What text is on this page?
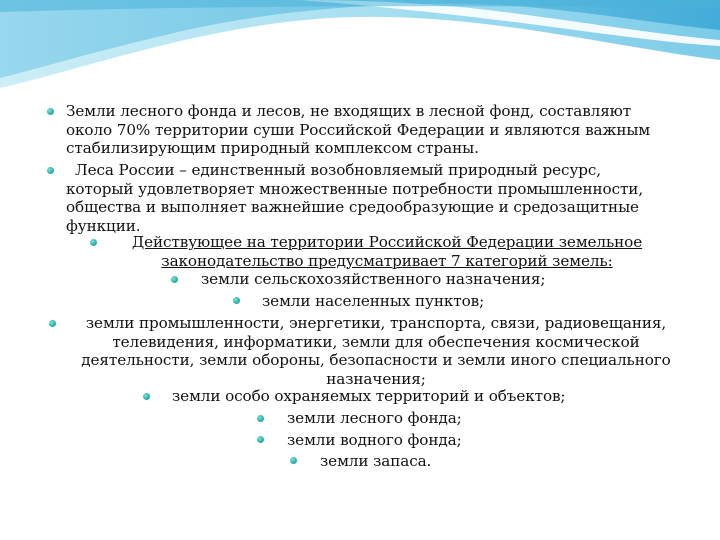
Земли лесного фонда и лесов, не входящих в лесной фонд, составляют
около 70% территории суши Российской Федерации и являются важным
стабилизирующим природный комплексом страны.
Леса России – единственный возобновляемый природный ресурс,
который удовлетворяет множественные потребности промышленности,
общества и выполняет важнейшие средообразующие и средозащитные
функции.
Действующее на территории Российской Федерации земельное
законодательство предусматривает 7 категорий земель:
земли сельскохозяйственного назначения;
земли населенных пунктов;
земли промышленности, энергетики, транспорта, связи, радиовещания,
телевидения, информатики, земли для обеспечения космической
деятельности, земли обороны, безопасности и земли иного специального
назначения;
земли особо охраняемых территорий и объектов;
земли лесного фонда;
земли водного фонда;
земли запаса.
